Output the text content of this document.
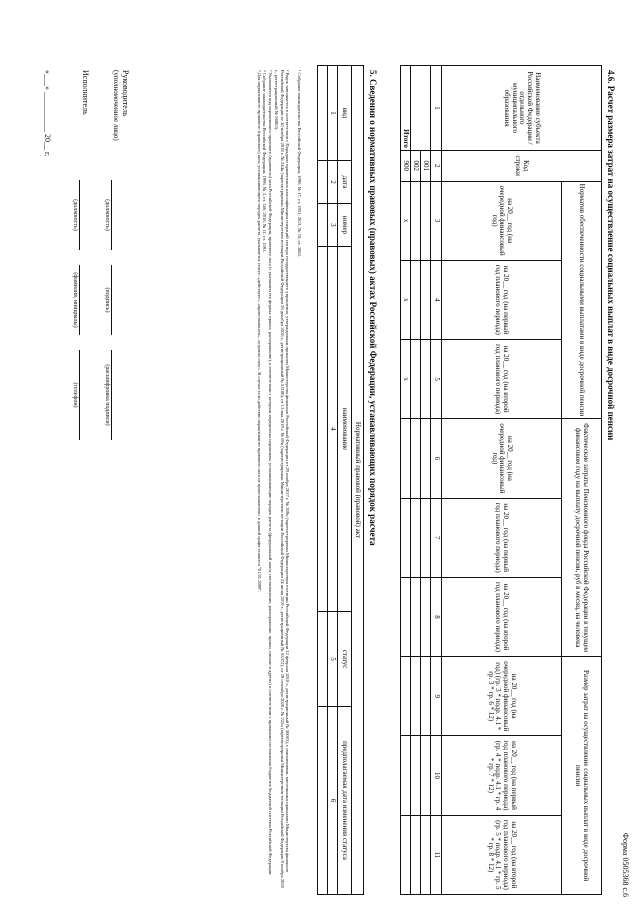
Форма 0505368 с.6
4.6. Расчет размера затрат на осуществление социальных выплат в виде досрочной пенсии
Наименование субъекта Российской Федерации / отдельного муниципального образования	Код строки	Норматив обеспеченности социальными выплатами в виде досрочной пенсии			Фактические затраты Пенсионного фонда Российской Федерации в текущем финансовом году на выплату досрочной пенсии, руб в месяц, на человека			Размер затрат на осуществление социальных выплат в виде досрочной пенсии		
		на 20__ год (на очередной финансовый год)	на 20__ год (на первый год планового периода)	на 20__ год (на второй год планового периода)	на 20__ год (на очередной финансовый год)	на 20__ год (на первый год планового периода)	на 20__ год (на второй год планового периода)	на 20__ год (на очередной финансовый год) (гр. 3 * подр. 4.1 * гр. 3 * гр. 6 * 12)	на 20__ год (на первый год планового периода) (гр. 4 * подр. 4.1 * гр. 4 * гр. 7 * 12)	на 20__ год (на второй год планового периода) (гр. 5 * подр. 4.1 * гр. 5 * гр. 8 * 12)
1	2	3	4	5	6	7	8	9	10	11
	001									
	002									
Итого	900	x	x	x						
5. Сведения о нормативных правовых (правовых) актах Российской Федерации, устанавливающих порядок расчета
Нормативный правовой (правовой) акт					
вид	дата	номер	наименование	статус	предполагаемая дата изменения статуса
1	2	3	4	5	6

¹ Собрание законодательства Российской Федерации, 1996, № 17, ст. 1951; 2021, № 18, ст. 3083.
² Рядок заполняется в соответствии с Порядком применения классификации операций сектора государственного управления, утвержденным приказом Министерства финансов Российской Федерации от 29 ноября 2017 г. № 209н (зарегистрирован Министерством юстиции Российской Федерации 12 февраля 2018 г., регистрационный № 50003), с изменениями, внесенными приказами Министерства финансов Российской Федерации от 30 ноября 2018 г. № 244н (зарегистрирован Министерством юстиции Российской Федерации 26 декабря 2018 г., регистрационный № 53180), от 13 мая 2019 г. № 69н (зарегистрирован Министерством юстиции Российской Федерации 24 июня 2019 г., регистрационный № 55372), от 29 сентября 2020 г. № 222н (зарегистрирован Министерством юстиции Российской Федерации 9 ноября 2020 г., регистрационный № 60802).
³ Указывается вид нормативного правового (правового) акта Российской Федерации, правового акта (с указанием его формы: приказ, распоряжение), в соответствии с которым определены нормативы, устанавливающие порядок расчета (федеральный закон, постановление, распоряжение, приказ, письмо и другие) в соответствии с правилами составления бюджетов бюджетной системы Российской Федерации.
⁴ Собрание законодательства Российской Федерации, 1996, № 3, ст. 146; 2018, № 11, ст. 1591.
⁵ Для нормативного правового (правового) акта, устанавливающего порядок расчета, указывается статус: «действует», «приостановлен», «утратил силу». В случае если действие нормативного правового акта не приостановлено, в данной графе ставится "01.01.2099".
Руководитель
(уполномоченное лицо)
(должность)
(подпись)
(расшифровка подписи)
Исполнитель
(должность)
(фамилия, инициалы)
(телефон)
«___» __________ 20__ г.
